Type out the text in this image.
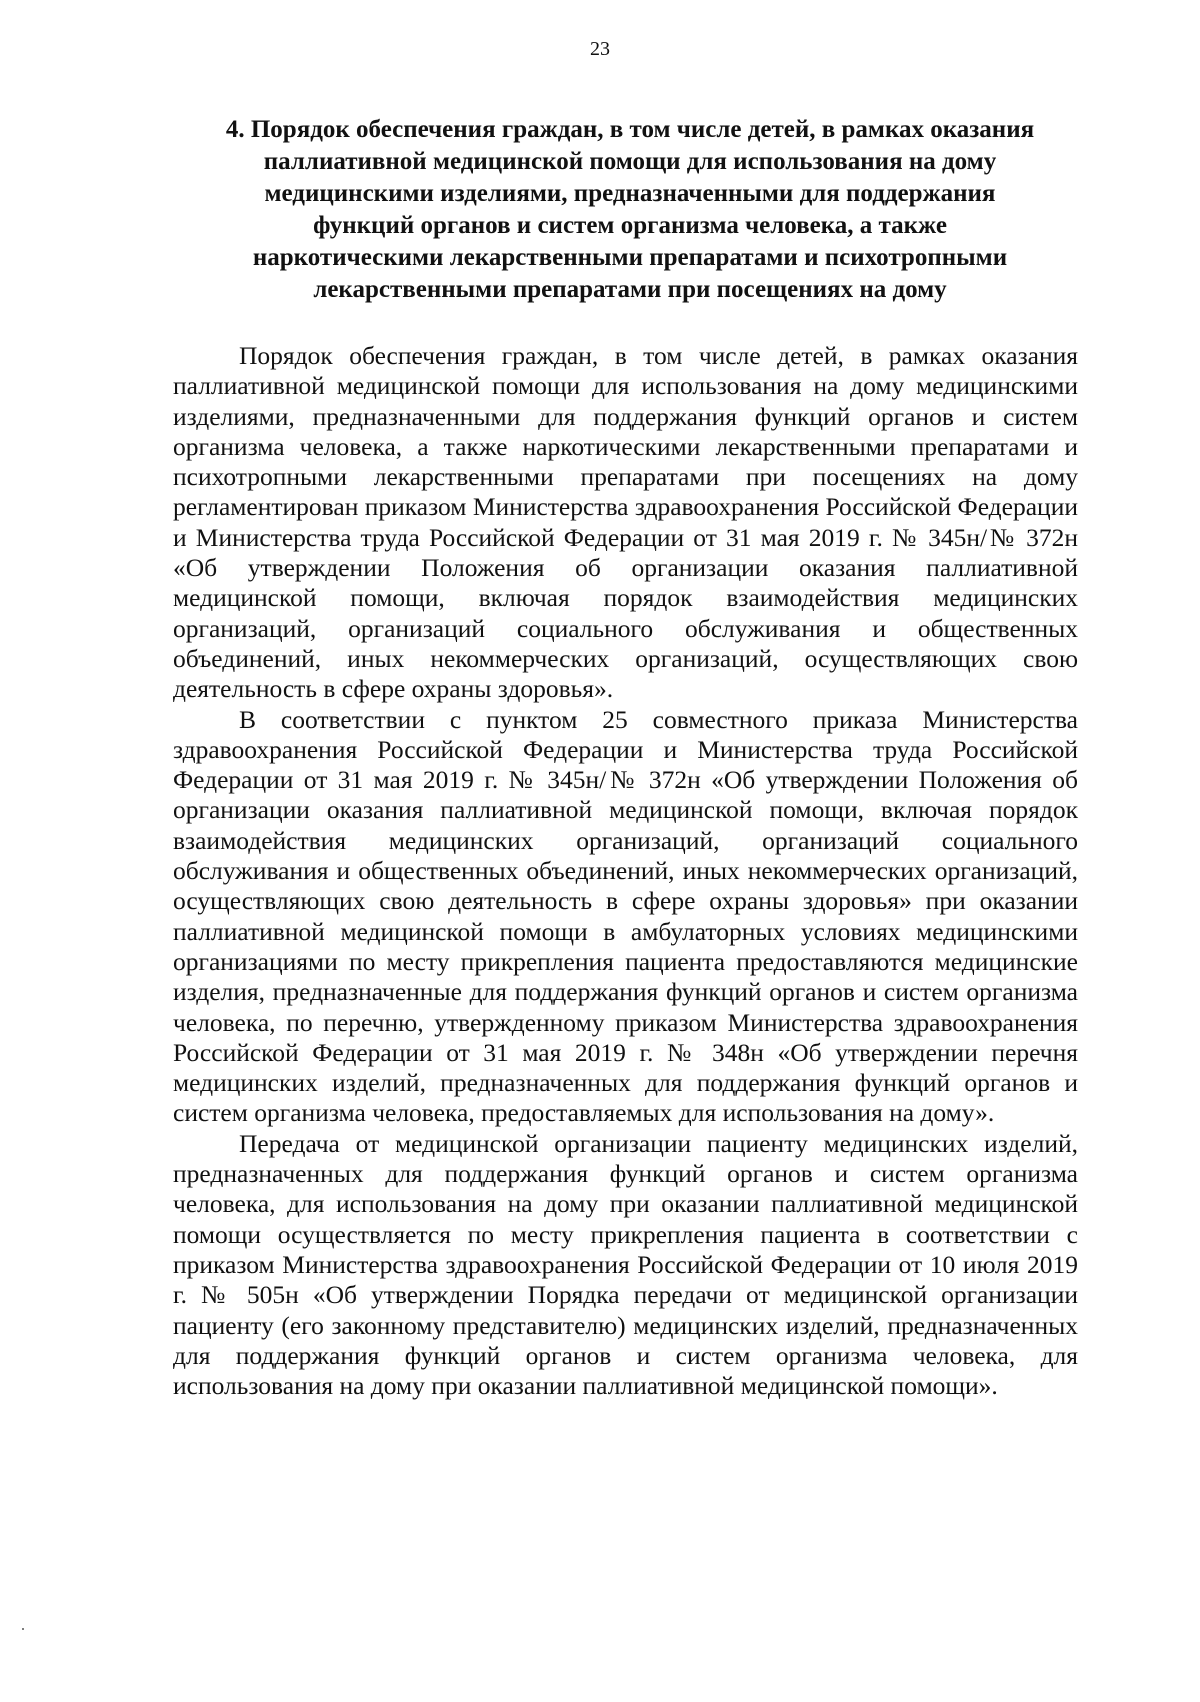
23
4. Порядок обеспечения граждан, в том числе детей, в рамках оказания
паллиативной медицинской помощи для использования на дому
медицинскими изделиями, предназначенными для поддержания
функций органов и систем организма человека, а также
наркотическими лекарственными препаратами и психотропными
лекарственными препаратами при посещениях на дому

Порядок обеспечения граждан, в том числе детей, в рамках оказания паллиативной медицинской помощи для использования на дому медицинскими изделиями, предназначенными для поддержания функций органов и систем организма человека, а также наркотическими лекарственными препаратами и психотропными лекарственными препаратами при посещениях на дому регламентирован приказом Министерства здравоохранения Российской Федерации и Министерства труда Российской Федерации от 31 мая 2019 г. № 345н/№ 372н «Об утверждении Положения об организации оказания паллиативной медицинской помощи, включая порядок взаимодействия медицинских организаций, организаций социального обслуживания и общественных объединений, иных некоммерческих организаций, осуществляющих свою деятельность в сфере охраны здоровья».

В соответствии с пунктом 25 совместного приказа Министерства здравоохранения Российской Федерации и Министерства труда Российской Федерации от 31 мая 2019 г. № 345н/№ 372н «Об утверждении Положения об организации оказания паллиативной медицинской помощи, включая порядок взаимодействия медицинских организаций, организаций социального обслуживания и общественных объединений, иных некоммерческих организаций, осуществляющих свою деятельность в сфере охраны здоровья» при оказании паллиативной медицинской помощи в амбулаторных условиях медицинскими организациями по месту прикрепления пациента предоставляются медицинские изделия, предназначенные для поддержания функций органов и систем организма человека, по перечню, утвержденному приказом Министерства здравоохранения Российской Федерации от 31 мая 2019 г. № 348н «Об утверждении перечня медицинских изделий, предназначенных для поддержания функций органов и систем организма человека, предоставляемых для использования на дому».

Передача от медицинской организации пациенту медицинских изделий, предназначенных для поддержания функций органов и систем организма человека, для использования на дому при оказании паллиативной медицинской помощи осуществляется по месту прикрепления пациента в соответствии с приказом Министерства здравоохранения Российской Федерации от 10 июля 2019 г. № 505н «Об утверждении Порядка передачи от медицинской организации пациенту (его законному представителю) медицинских изделий, предназначенных для поддержания функций органов и систем организма человека, для использования на дому при оказании паллиативной медицинской помощи».
